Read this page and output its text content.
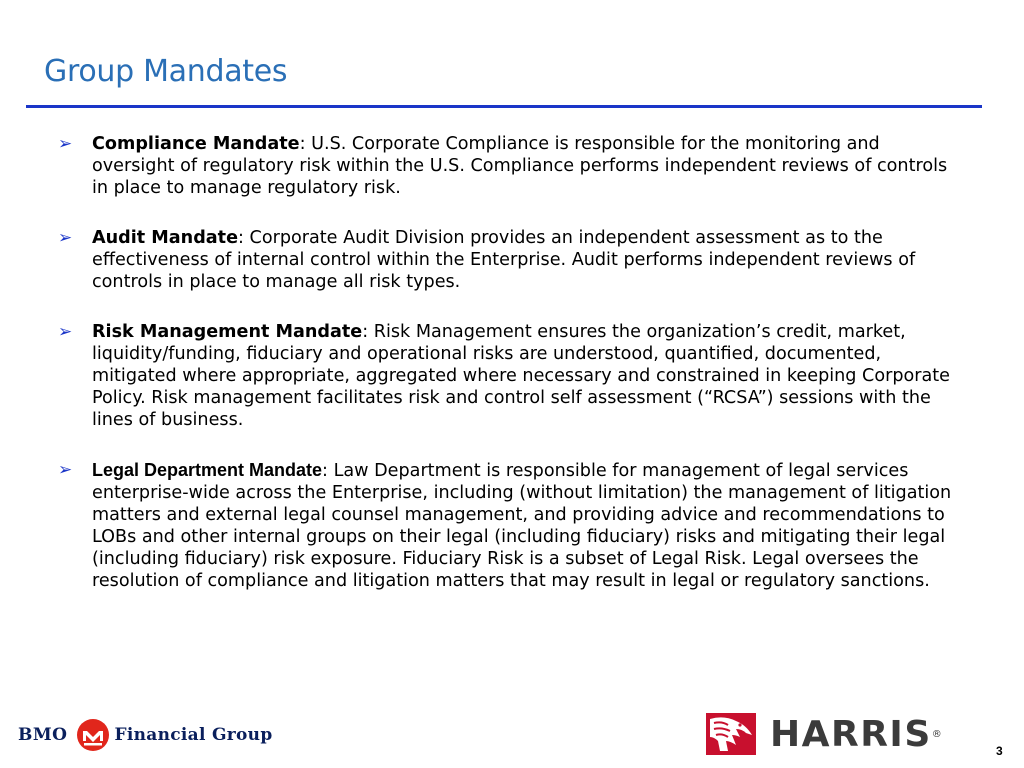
Group Mandates
➢ Compliance Mandate: U.S. Corporate Compliance is responsible for the monitoring and oversight of regulatory risk within the U.S. Compliance performs independent reviews of controls in place to manage regulatory risk.
➢ Audit Mandate: Corporate Audit Division provides an independent assessment as to the effectiveness of internal control within the Enterprise. Audit performs independent reviews of controls in place to manage all risk types.
➢ Risk Management Mandate: Risk Management ensures the organization’s credit, market, liquidity/funding, fiduciary and operational risks are understood, quantified, documented, mitigated where appropriate, aggregated where necessary and constrained in keeping Corporate Policy. Risk management facilitates risk and control self assessment (“RCSA”) sessions with the lines of business.
➢ Legal Department Mandate: Law Department is responsible for management of legal services enterprise-wide across the Enterprise, including (without limitation) the management of litigation matters and external legal counsel management, and providing advice and recommendations to LOBs and other internal groups on their legal (including fiduciary) risks and mitigating their legal (including fiduciary) risk exposure. Fiduciary Risk is a subset of Legal Risk. Legal oversees the resolution of compliance and litigation matters that may result in legal or regulatory sanctions.
BMO	Financial Group	HARRIS ®
3
